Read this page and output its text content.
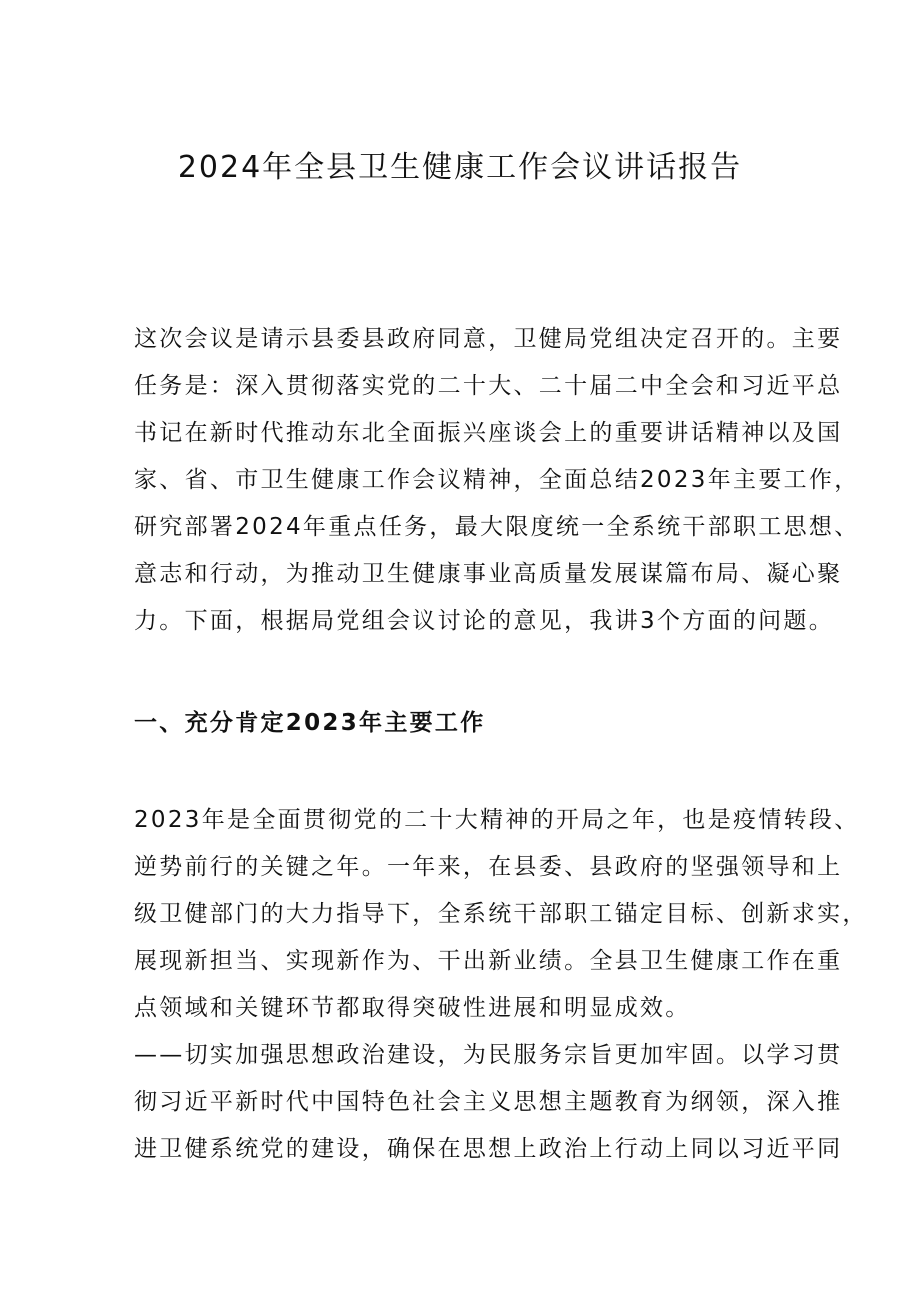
2024年全县卫生健康工作会议讲话报告

这次会议是请示县委县政府同意，卫健局党组决定召开的。主要

任务是：深入贯彻落实党的二十大、二十届二中全会和习近平总

书记在新时代推动东北全面振兴座谈会上的重要讲话精神以及国

家、省、市卫生健康工作会议精神，全面总结2023年主要工作，

研究部署2024年重点任务，最大限度统一全系统干部职工思想、

意志和行动，为推动卫生健康事业高质量发展谋篇布局、凝心聚

力。下面，根据局党组会议讨论的意见，我讲3个方面的问题。

一、充分肯定2023年主要工作

2023年是全面贯彻党的二十大精神的开局之年，也是疫情转段、

逆势前行的关键之年。一年来，在县委、县政府的坚强领导和上

级卫健部门的大力指导下，全系统干部职工锚定目标、创新求实，

展现新担当、实现新作为、干出新业绩。全县卫生健康工作在重

点领域和关键环节都取得突破性进展和明显成效。

——切实加强思想政治建设，为民服务宗旨更加牢固。以学习贯

彻习近平新时代中国特色社会主义思想主题教育为纲领，深入推

进卫健系统党的建设，确保在思想上政治上行动上同以习近平同
